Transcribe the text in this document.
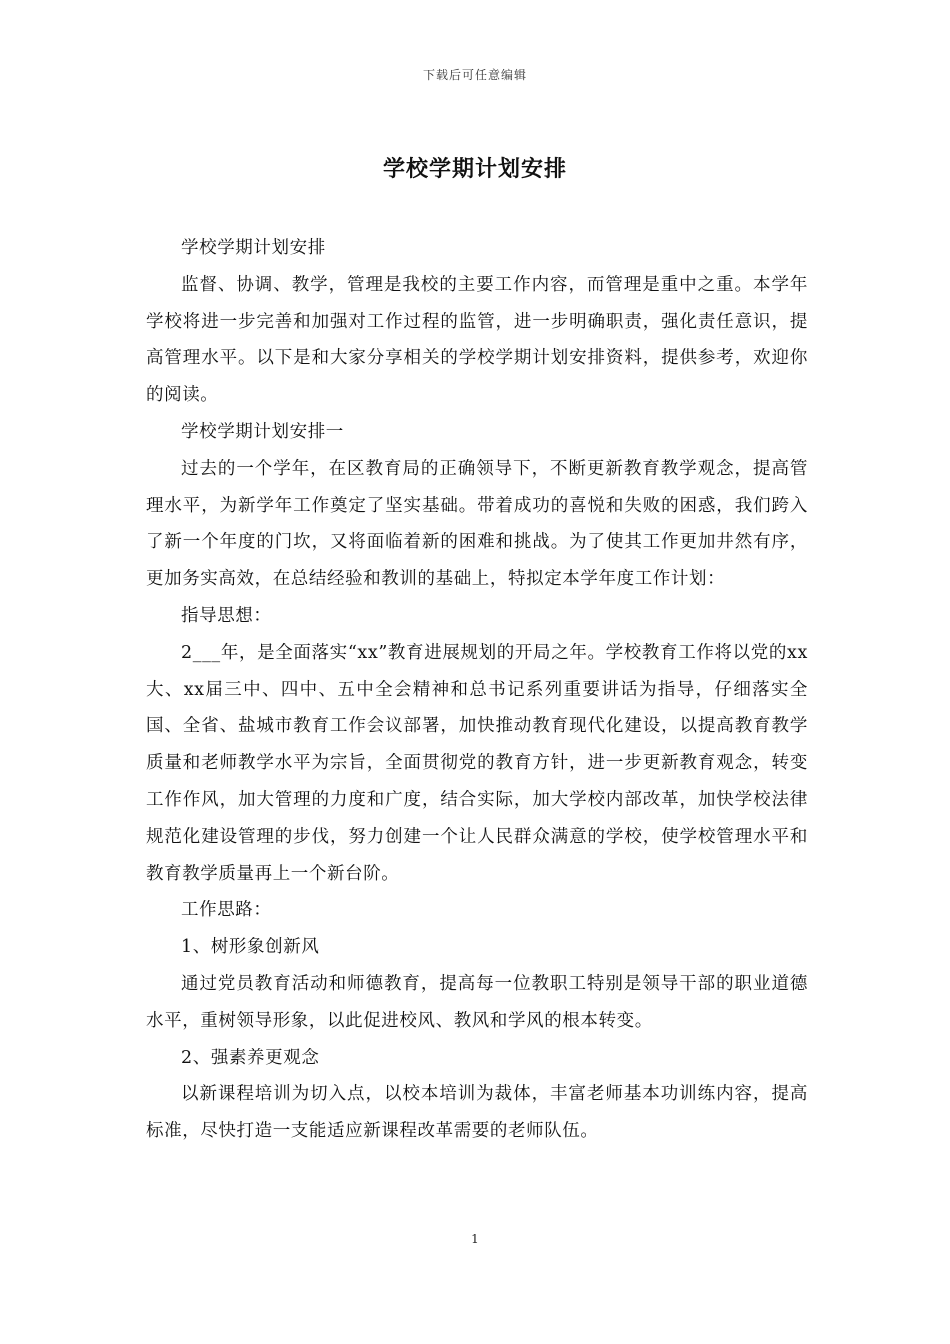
下载后可任意编辑
学校学期计划安排

学校学期计划安排

监督、协调、教学，管理是我校的主要工作内容，而管理是重中之重。本学年学校将进一步完善和加强对工作过程的监管，进一步明确职责，强化责任意识，提高管理水平。以下是和大家分享相关的学校学期计划安排资料，提供参考，欢迎你的阅读。

学校学期计划安排一

过去的一个学年，在区教育局的正确领导下，不断更新教育教学观念，提高管理水平，为新学年工作奠定了坚实基础。带着成功的喜悦和失败的困惑，我们跨入了新一个年度的门坎，又将面临着新的困难和挑战。为了使其工作更加井然有序，更加务实高效，在总结经验和教训的基础上，特拟定本学年度工作计划：

指导思想：

2___年，是全面落实“xx”教育进展规划的开局之年。学校教育工作将以党的xx大、xx届三中、四中、五中全会精神和总书记系列重要讲话为指导，仔细落实全国、全省、盐城市教育工作会议部署，加快推动教育现代化建设，以提高教育教学质量和老师教学水平为宗旨，全面贯彻党的教育方针，进一步更新教育观念，转变工作作风，加大管理的力度和广度，结合实际，加大学校内部改革，加快学校法律规范化建设管理的步伐，努力创建一个让人民群众满意的学校，使学校管理水平和教育教学质量再上一个新台阶。

工作思路：

1、树形象创新风

通过党员教育活动和师德教育，提高每一位教职工特别是领导干部的职业道德水平，重树领导形象，以此促进校风、教风和学风的根本转变。

2、强素养更观念

以新课程培训为切入点，以校本培训为裁体，丰富老师基本功训练内容，提高标准，尽快打造一支能适应新课程改革需要的老师队伍。

1
